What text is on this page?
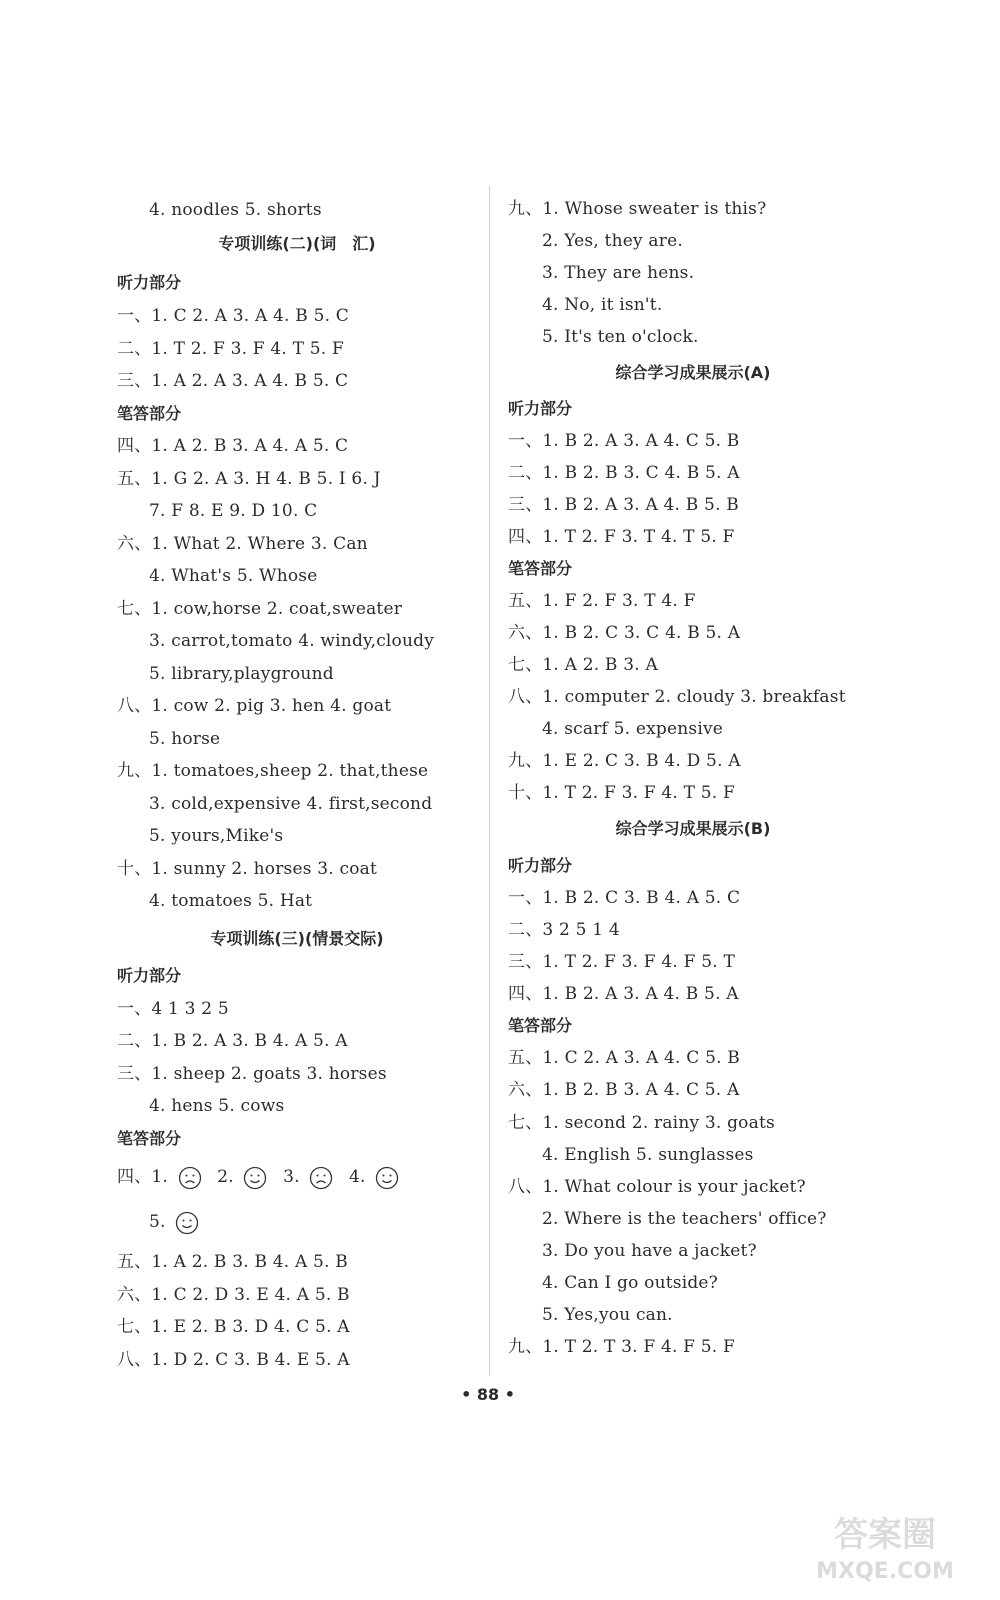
4. noodles 5. shorts
专项训练(二)(词　汇)
听力部分
一、1. C 2. A 3. A 4. B 5. C
二、1. T 2. F 3. F 4. T 5. F
三、1. A 2. A 3. A 4. B 5. C
笔答部分
四、1. A 2. B 3. A 4. A 5. C
五、1. G 2. A 3. H 4. B 5. I 6. J
7. F 8. E 9. D 10. C
六、1. What 2. Where 3. Can
4. What's 5. Whose
七、1. cow,horse 2. coat,sweater
3. carrot,tomato 4. windy,cloudy
5. library,playground
八、1. cow 2. pig 3. hen 4. goat
5. horse
九、1. tomatoes,sheep 2. that,these
3. cold,expensive 4. first,second
5. yours,Mike's
十、1. sunny 2. horses 3. coat
4. tomatoes 5. Hat
专项训练(三)(情景交际)
听力部分
一、4 1 3 2 5
二、1. B 2. A 3. B 4. A 5. A
三、1. sheep 2. goats 3. horses
4. hens 5. cows
笔答部分
四、1.	2.	3.	4.
5.
五、1. A 2. B 3. B 4. A 5. B
六、1. C 2. D 3. E 4. A 5. B
七、1. E 2. B 3. D 4. C 5. A
八、1. D 2. C 3. B 4. E 5. A
九、1. Whose sweater is this?
2. Yes, they are.
3. They are hens.
4. No, it isn't.
5. It's ten o'clock.
综合学习成果展示(A)
听力部分
一、1. B 2. A 3. A 4. C 5. B
二、1. B 2. B 3. C 4. B 5. A
三、1. B 2. A 3. A 4. B 5. B
四、1. T 2. F 3. T 4. T 5. F
笔答部分
五、1. F 2. F 3. T 4. F
六、1. B 2. C 3. C 4. B 5. A
七、1. A 2. B 3. A
八、1. computer 2. cloudy 3. breakfast
4. scarf 5. expensive
九、1. E 2. C 3. B 4. D 5. A
十、1. T 2. F 3. F 4. T 5. F
综合学习成果展示(B)
听力部分
一、1. B 2. C 3. B 4. A 5. C
二、3 2 5 1 4
三、1. T 2. F 3. F 4. F 5. T
四、1. B 2. A 3. A 4. B 5. A
笔答部分
五、1. C 2. A 3. A 4. C 5. B
六、1. B 2. B 3. A 4. C 5. A
七、1. second 2. rainy 3. goats
4. English 5. sunglasses
八、1. What colour is your jacket?
2. Where is the teachers' office?
3. Do you have a jacket?
4. Can I go outside?
5. Yes,you can.
九、1. T 2. T 3. F 4. F 5. F
• 88 •
答案圈
MXQE.COM
